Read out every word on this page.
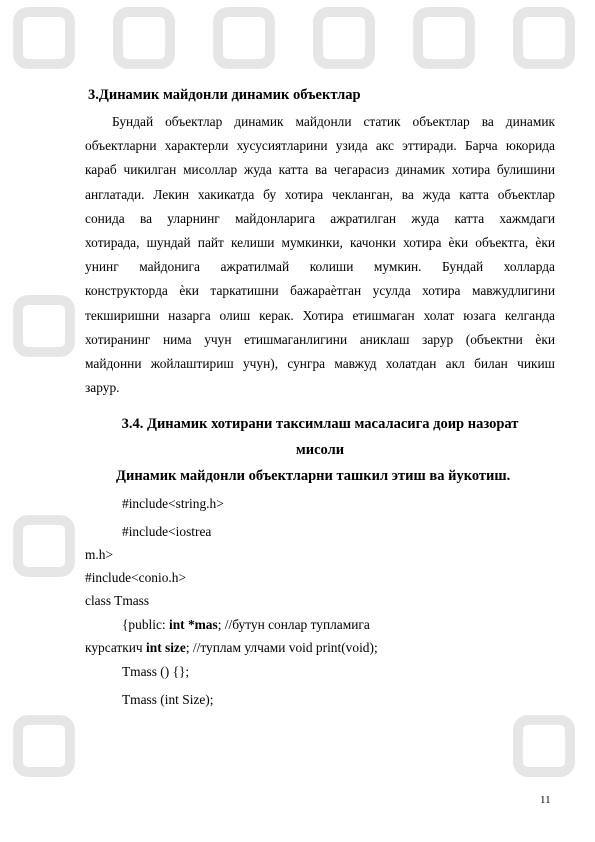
3.Динамик майдонли динамик объектлар
Бундай объектлар динамик майдонли статик объектлар ва динамик
объектларни характерли хусусиятларини узида акс эттиради. Барча юкорида
караб чикилган мисоллар жуда катта ва чегарасиз динамик хотира булишини
англатади. Лекин хакикатда бу хотира чекланган, ва жуда катта объектлар
сонида ва уларнинг майдонларига ажратилган жуда катта хажмдаги
хотирада, шундай пайт келиши мумкинки, качонки хотира ѐки объектга, ѐки
унинг майдонига ажратилмай колиши мумкин. Бундай холларда
конструкторда ѐки таркатишни бажараѐтган усулда хотира мавжудлигини
текширишни назарга олиш керак. Хотира етишмаган холат юзага келганда
хотиранинг нима учун етишмаганлигини аниклаш зарур (объектни ѐки
майдонни жойлаштириш учун), сунгра мавжуд холатдан акл билан чикиш
зарур.
3.4. Динамик хотирани таксимлаш масаласига доир назорат
мисоли
Динамик майдонли объектларни ташкил этиш ва йукотиш.
#include<string.h>
#include<iostrea
m.h>
#include<conio.h>
class Tmass
{public: int *mas; //бутун сонлар тупламига
курсаткич int size; //туплам улчами void print(void);
Tmass () {};
Tmass (int Size);
11
